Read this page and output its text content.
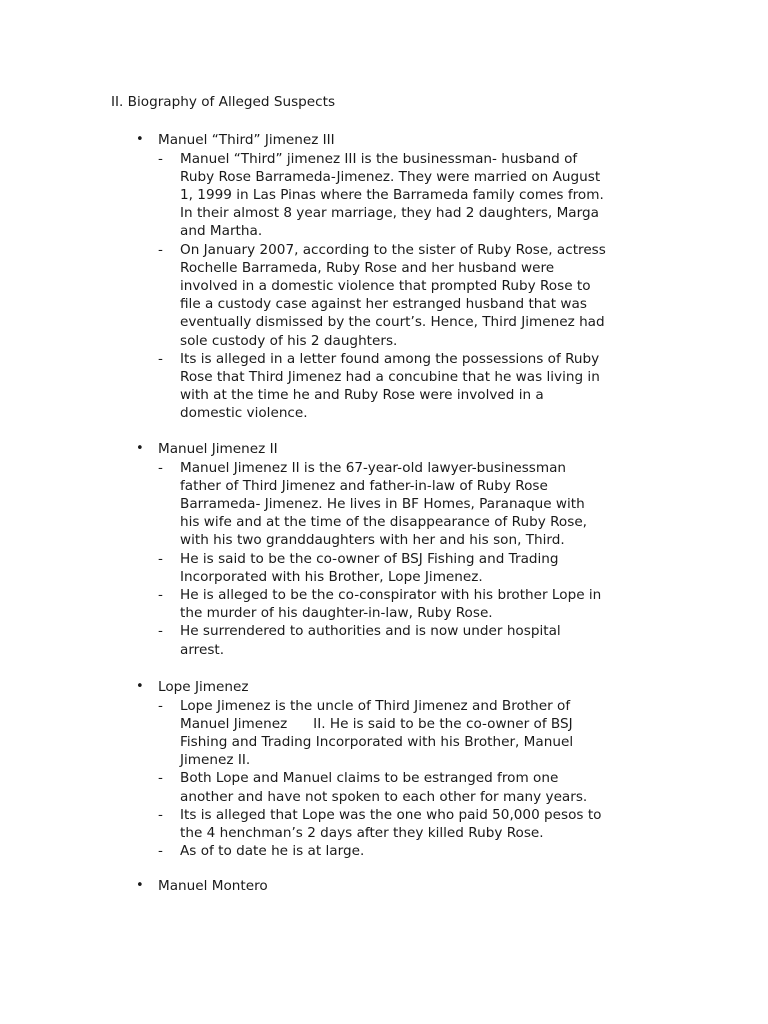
II. Biography of Alleged Suspects
• Manuel “Third” Jimenez III
- Manuel “Third” jimenez III is the businessman- husband of
Ruby Rose Barrameda-Jimenez. They were married on August
1, 1999 in Las Pinas where the Barrameda family comes from.
In their almost 8 year marriage, they had 2 daughters, Marga
and Martha.
- On January 2007, according to the sister of Ruby Rose, actress
Rochelle Barrameda, Ruby Rose and her husband were
involved in a domestic violence that prompted Ruby Rose to
file a custody case against her estranged husband that was
eventually dismissed by the court’s. Hence, Third Jimenez had
sole custody of his 2 daughters.
- Its is alleged in a letter found among the possessions of Ruby
Rose that Third Jimenez had a concubine that he was living in
with at the time he and Ruby Rose were involved in a
domestic violence.
• Manuel Jimenez II
- Manuel Jimenez II is the 67-year-old lawyer-businessman
father of Third Jimenez and father-in-law of Ruby Rose
Barrameda- Jimenez. He lives in BF Homes, Paranaque with
his wife and at the time of the disappearance of Ruby Rose,
with his two granddaughters with her and his son, Third.
- He is said to be the co-owner of BSJ Fishing and Trading
Incorporated with his Brother, Lope Jimenez.
- He is alleged to be the co-conspirator with his brother Lope in
the murder of his daughter-in-law, Ruby Rose.
- He surrendered to authorities and is now under hospital
arrest.
• Lope Jimenez
- Lope Jimenez is the uncle of Third Jimenez and Brother of
Manuel Jimenez      II. He is said to be the co-owner of BSJ
Fishing and Trading Incorporated with his Brother, Manuel
Jimenez II.
- Both Lope and Manuel claims to be estranged from one
another and have not spoken to each other for many years.
- Its is alleged that Lope was the one who paid 50,000 pesos to
the 4 henchman’s 2 days after they killed Ruby Rose.
- As of to date he is at large.
• Manuel Montero
